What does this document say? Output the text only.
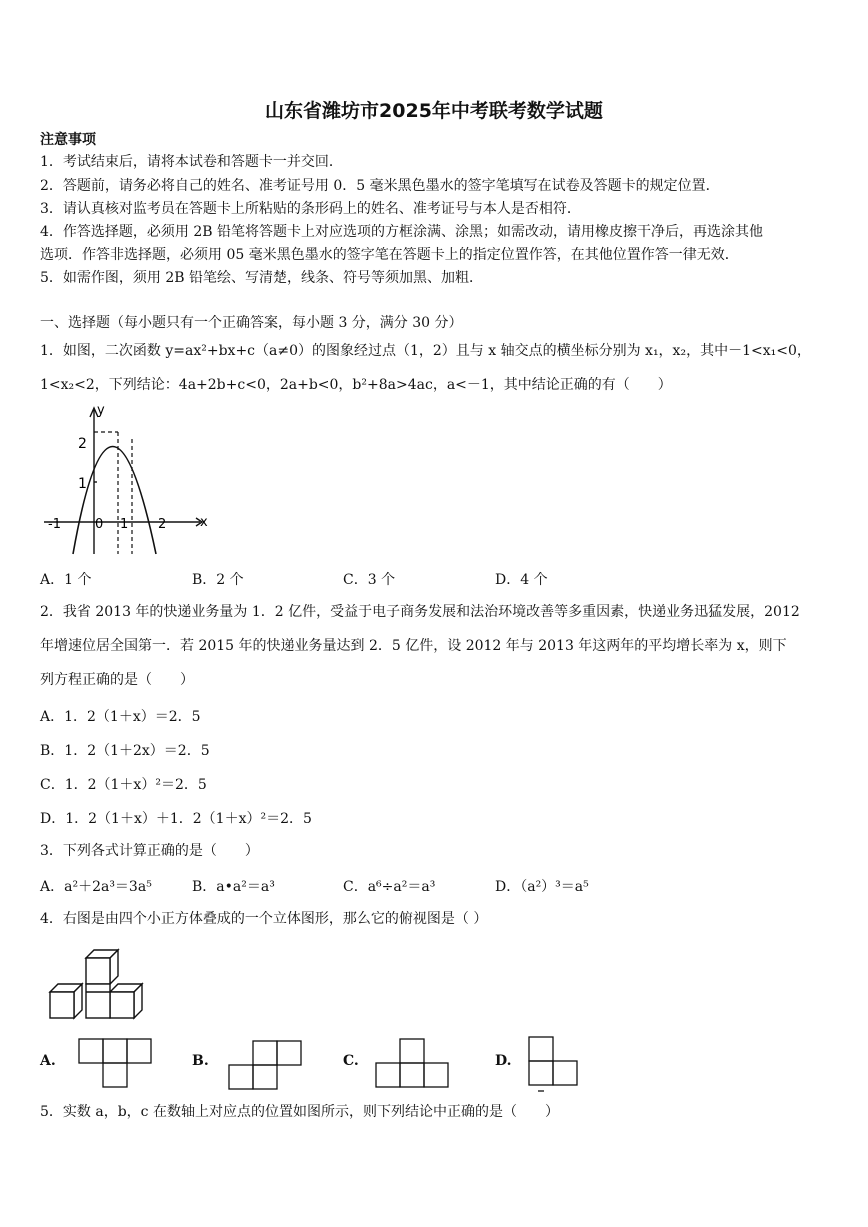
山东省潍坊市2025年中考联考数学试题
注意事项
1．考试结束后，请将本试卷和答题卡一并交回．
2．答题前，请务必将自己的姓名、准考证号用 0．5 毫米黑色墨水的签字笔填写在试卷及答题卡的规定位置．
3．请认真核对监考员在答题卡上所粘贴的条形码上的姓名、准考证号与本人是否相符．
4．作答选择题，必须用 2B 铅笔将答题卡上对应选项的方框涂满、涂黑；如需改动，请用橡皮擦干净后，再选涂其他
选项．作答非选择题，必须用 05 毫米黑色墨水的签字笔在答题卡上的指定位置作答，在其他位置作答一律无效．
5．如需作图，须用 2B 铅笔绘、写清楚，线条、符号等须加黑、加粗．
一、选择题（每小题只有一个正确答案，每小题 3 分，满分 30 分）
1．如图，二次函数 y=ax²+bx+c（a≠0）的图象经过点（1，2）且与 x 轴交点的横坐标分别为 x₁，x₂，其中－1<x₁<0，
1<x₂<2，下列结论：4a+2b+c<0，2a+b<0，b²+8a>4ac，a<－1，其中结论正确的有（　　）
y
x
2
1
-1	0 1 2
A．1 个	B．2 个	C．3 个	D．4 个
2．我省 2013 年的快递业务量为 1．2 亿件，受益于电子商务发展和法治环境改善等多重因素，快递业务迅猛发展，2012
年增速位居全国第一．若 2015 年的快递业务量达到 2．5 亿件，设 2012 年与 2013 年这两年的平均增长率为 x，则下
列方程正确的是（　　）
A．1．2（1＋x）＝2．5
B．1．2（1＋2x）＝2．5
C．1．2（1＋x）²＝2．5
D．1．2（1＋x）＋1．2（1＋x）²＝2．5
3．下列各式计算正确的是（　　）
A．a²＋2a³＝3a⁵	B．a•a²＝a³	C．a⁶÷a²＝a³	D．（a²）³＝a⁵
4．右图是由四个小正方体叠成的一个立体图形，那么它的俯视图是（ ）
A.	B.	C.	D.
5．实数 a，b，c 在数轴上对应点的位置如图所示，则下列结论中正确的是（　　）
